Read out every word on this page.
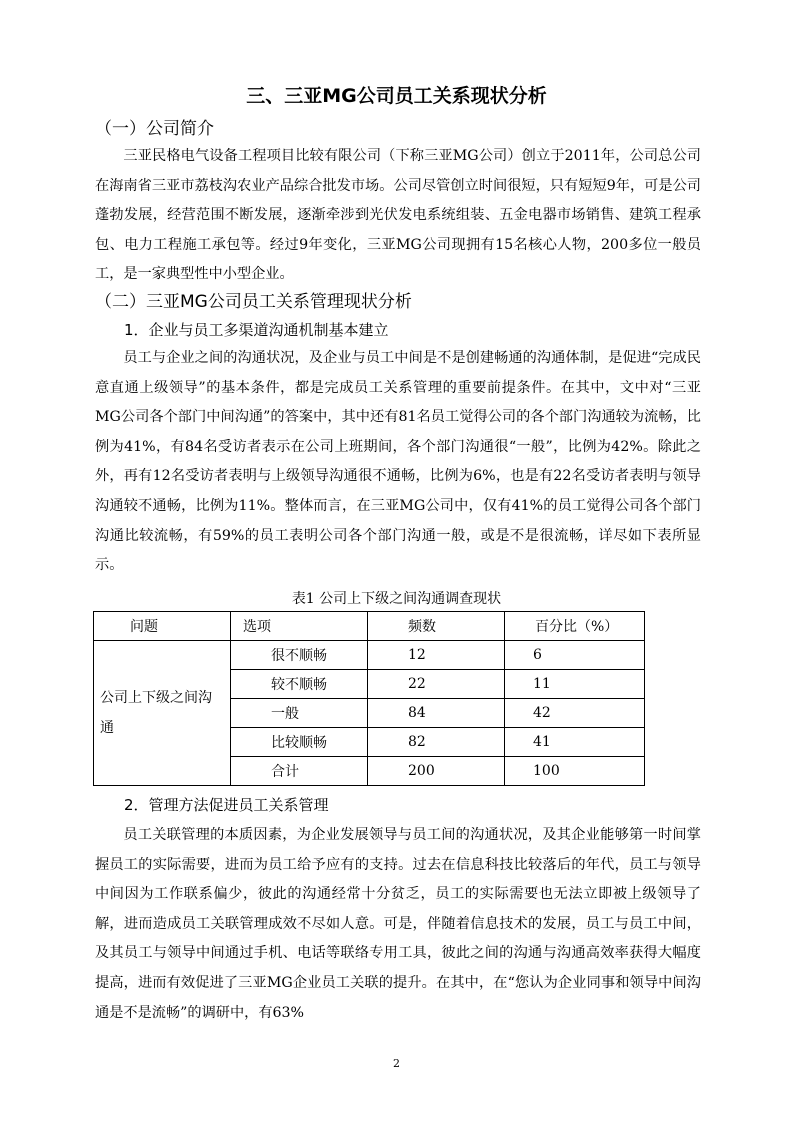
三、三亚MG公司员工关系现状分析
（一）公司简介

三亚民格电气设备工程项目比较有限公司（下称三亚MG公司）创立于2011年，公司总公司在海南省三亚市荔枝沟农业产品综合批发市场。公司尽管创立时间很短，只有短短9年，可是公司蓬勃发展，经营范围不断发展，逐渐牵涉到光伏发电系统组装、五金电器市场销售、建筑工程承包、电力工程施工承包等。经过9年变化，三亚MG公司现拥有15名核心人物，200多位一般员工，是一家典型性中小型企业。

（二）三亚MG公司员工关系管理现状分析
1．企业与员工多渠道沟通机制基本建立

员工与企业之间的沟通状况，及企业与员工中间是不是创建畅通的沟通体制，是促进“完成民意直通上级领导”的基本条件，都是完成员工关系管理的重要前提条件。在其中，文中对“三亚MG公司各个部门中间沟通”的答案中，其中还有81名员工觉得公司的各个部门沟通较为流畅，比例为41%，有84名受访者表示在公司上班期间，各个部门沟通很“一般”，比例为42%。除此之外，再有12名受访者表明与上级领导沟通很不通畅，比例为6%，也是有22名受访者表明与领导沟通较不通畅，比例为11%。整体而言，在三亚MG公司中，仅有41%的员工觉得公司各个部门沟通比较流畅，有59%的员工表明公司各个部门沟通一般，或是不是很流畅，详尽如下表所显示。

表1 公司上下级之间沟通调查现状
问题	选项	频数	百分比（%）
公司上下级之间沟通	很不顺畅	12	6
	较不顺畅	22	11
	一般	84	42
	比较顺畅	82	41
	合计	200	100
2．管理方法促进员工关系管理

员工关联管理的本质因素，为企业发展领导与员工间的沟通状况，及其企业能够第一时间掌握员工的实际需要，进而为员工给予应有的支持。过去在信息科技比较落后的年代，员工与领导中间因为工作联系偏少，彼此的沟通经常十分贫乏，员工的实际需要也无法立即被上级领导了解，进而造成员工关联管理成效不尽如人意。可是，伴随着信息技术的发展，员工与员工中间，及其员工与领导中间通过手机、电话等联络专用工具，彼此之间的沟通与沟通高效率获得大幅度提高，进而有效促进了三亚MG企业员工关联的提升。在其中，在“您认为企业同事和领导中间沟通是不是流畅”的调研中，有63%

2
